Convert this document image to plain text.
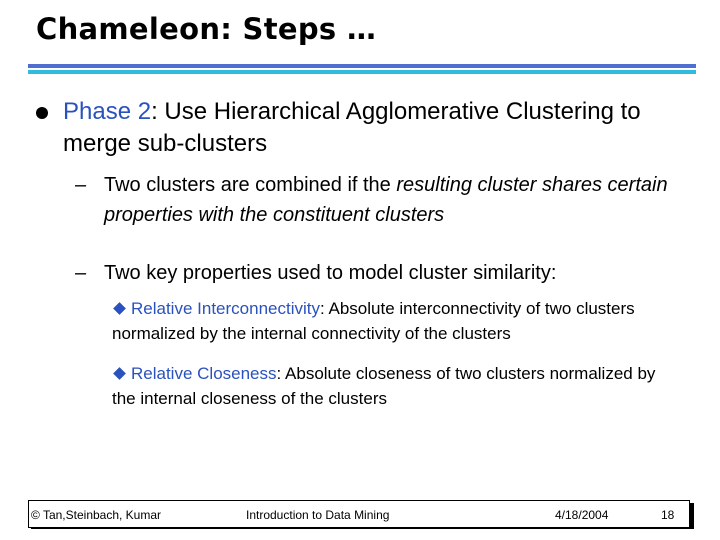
Chameleon: Steps …
Phase 2: Use Hierarchical Agglomerative Clustering to merge sub-clusters
– Two clusters are combined if the resulting cluster shares certain properties with the constituent clusters
– Two key properties used to model cluster similarity:
Relative Interconnectivity: Absolute interconnectivity of two clusters normalized by the internal connectivity of the clusters
Relative Closeness: Absolute closeness of two clusters normalized by the internal closeness of the clusters
© Tan,Steinbach, Kumar	Introduction to Data Mining	4/18/2004	18
